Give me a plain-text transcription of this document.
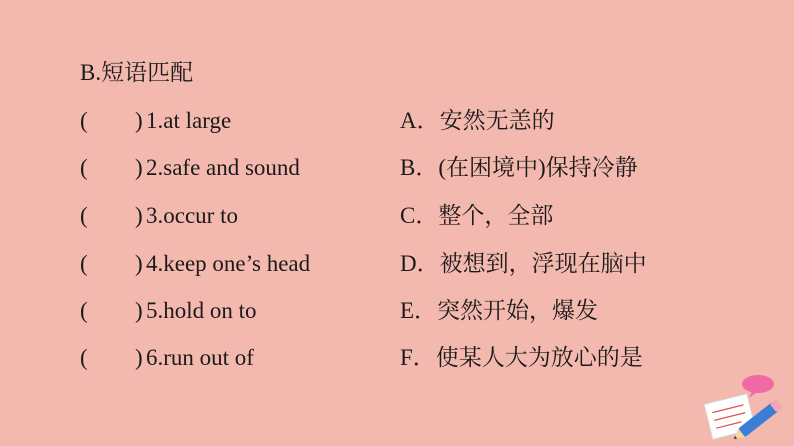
B.短语匹配
( ) 1.at large	A．安然无恙的
( ) 2.safe and sound	B．(在困境中)保持冷静
( ) 3.occur to	C．整个，全部
( ) 4.keep one’s head	D．被想到，浮现在脑中
( ) 5.hold on to	E．突然开始，爆发
( ) 6.run out of	F．使某人大为放心的是
